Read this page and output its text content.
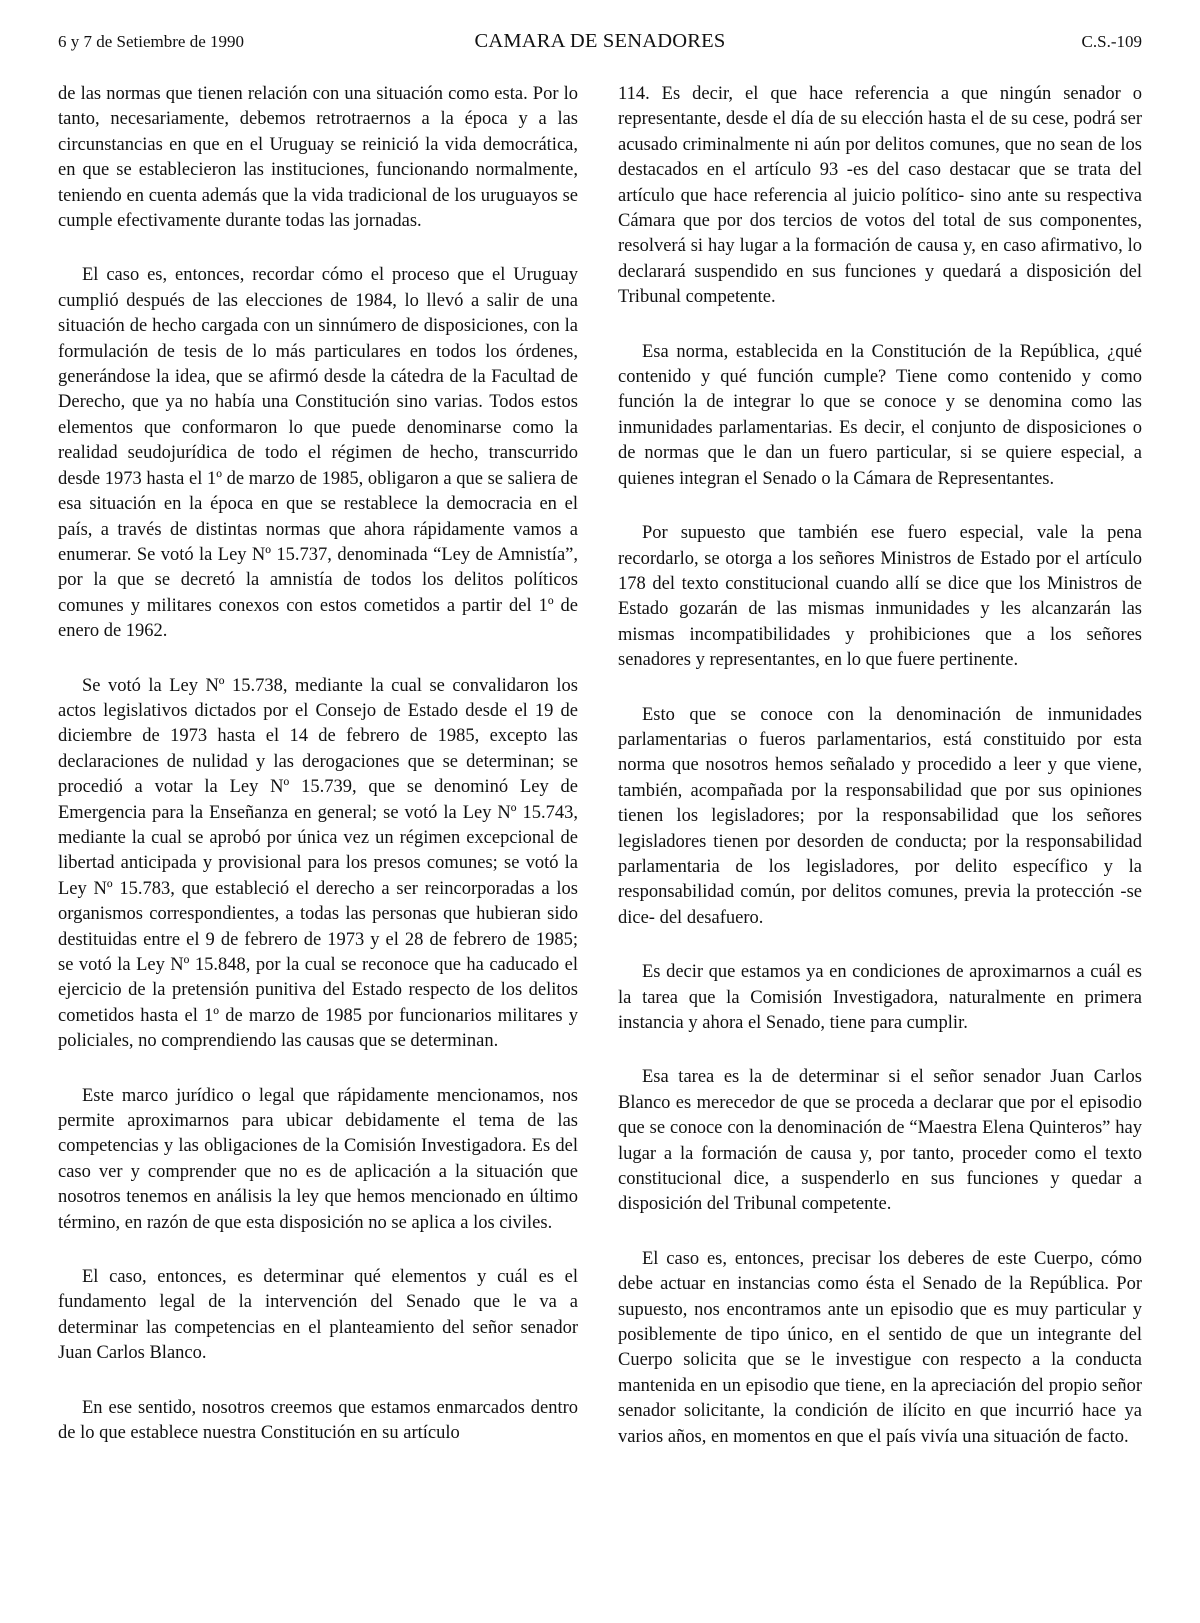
6 y 7 de Setiembre de 1990	CAMARA DE SENADORES	C.S.-109

de las normas que tienen relación con una situación como esta. Por lo tanto, necesariamente, debemos retrotraernos a la época y a las circunstancias en que en el Uruguay se reinició la vida democrática, en que se establecieron las instituciones, funcionando normalmente, teniendo en cuenta además que la vida tradicional de los uruguayos se cumple efectivamente durante todas las jornadas.

El caso es, entonces, recordar cómo el proceso que el Uruguay cumplió después de las elecciones de 1984, lo llevó a salir de una situación de hecho cargada con un sinnúmero de disposiciones, con la formulación de tesis de lo más particulares en todos los órdenes, generándose la idea, que se afirmó desde la cátedra de la Facultad de Derecho, que ya no había una Constitución sino varias. Todos estos elementos que conformaron lo que puede denominarse como la realidad seudojurídica de todo el régimen de hecho, transcurrido desde 1973 hasta el 1º de marzo de 1985, obligaron a que se saliera de esa situación en la época en que se restablece la democracia en el país, a través de distintas normas que ahora rápidamente vamos a enumerar. Se votó la Ley Nº 15.737, denominada “Ley de Amnistía”, por la que se decretó la amnistía de todos los delitos políticos comunes y militares conexos con estos cometidos a partir del 1º de enero de 1962.

Se votó la Ley Nº 15.738, mediante la cual se convalidaron los actos legislativos dictados por el Consejo de Estado desde el 19 de diciembre de 1973 hasta el 14 de febrero de 1985, excepto las declaraciones de nulidad y las derogaciones que se determinan; se procedió a votar la Ley Nº 15.739, que se denominó Ley de Emergencia para la Enseñanza en general; se votó la Ley Nº 15.743, mediante la cual se aprobó por única vez un régimen excepcional de libertad anticipada y provisional para los presos comunes; se votó la Ley Nº 15.783, que estableció el derecho a ser reincorporadas a los organismos correspondientes, a todas las personas que hubieran sido destituidas entre el 9 de febrero de 1973 y el 28 de febrero de 1985; se votó la Ley Nº 15.848, por la cual se reconoce que ha caducado el ejercicio de la pretensión punitiva del Estado respecto de los delitos cometidos hasta el 1º de marzo de 1985 por funcionarios militares y policiales, no comprendiendo las causas que se determinan.

Este marco jurídico o legal que rápidamente mencionamos, nos permite aproximarnos para ubicar debidamente el tema de las competencias y las obligaciones de la Comisión Investigadora. Es del caso ver y comprender que no es de aplicación a la situación que nosotros tenemos en análisis la ley que hemos mencionado en último término, en razón de que esta disposición no se aplica a los civiles.

El caso, entonces, es determinar qué elementos y cuál es el fundamento legal de la intervención del Senado que le va a determinar las competencias en el planteamiento del señor senador Juan Carlos Blanco.

En ese sentido, nosotros creemos que estamos enmarcados dentro de lo que establece nuestra Constitución en su artículo

114. Es decir, el que hace referencia a que ningún senador o representante, desde el día de su elección hasta el de su cese, podrá ser acusado criminalmente ni aún por delitos comunes, que no sean de los destacados en el artículo 93 -es del caso destacar que se trata del artículo que hace referencia al juicio político- sino ante su respectiva Cámara que por dos tercios de votos del total de sus componentes, resolverá si hay lugar a la formación de causa y, en caso afirmativo, lo declarará suspendido en sus funciones y quedará a disposición del Tribunal competente.

Esa norma, establecida en la Constitución de la República, ¿qué contenido y qué función cumple? Tiene como contenido y como función la de integrar lo que se conoce y se denomina como las inmunidades parlamentarias. Es decir, el conjunto de disposiciones o de normas que le dan un fuero particular, si se quiere especial, a quienes integran el Senado o la Cámara de Representantes.

Por supuesto que también ese fuero especial, vale la pena recordarlo, se otorga a los señores Ministros de Estado por el artículo 178 del texto constitucional cuando allí se dice que los Ministros de Estado gozarán de las mismas inmunidades y les alcanzarán las mismas incompatibilidades y prohibiciones que a los señores senadores y representantes, en lo que fuere pertinente.

Esto que se conoce con la denominación de inmunidades parlamentarias o fueros parlamentarios, está constituido por esta norma que nosotros hemos señalado y procedido a leer y que viene, también, acompañada por la responsabilidad que por sus opiniones tienen los legisladores; por la responsabilidad que los señores legisladores tienen por desorden de conducta; por la responsabilidad parlamentaria de los legisladores, por delito específico y la responsabilidad común, por delitos comunes, previa la protección -se dice- del desafuero.

Es decir que estamos ya en condiciones de aproximarnos a cuál es la tarea que la Comisión Investigadora, naturalmente en primera instancia y ahora el Senado, tiene para cumplir.

Esa tarea es la de determinar si el señor senador Juan Carlos Blanco es merecedor de que se proceda a declarar que por el episodio que se conoce con la denominación de “Maestra Elena Quinteros” hay lugar a la formación de causa y, por tanto, proceder como el texto constitucional dice, a suspenderlo en sus funciones y quedar a disposición del Tribunal competente.

El caso es, entonces, precisar los deberes de este Cuerpo, cómo debe actuar en instancias como ésta el Senado de la República. Por supuesto, nos encontramos ante un episodio que es muy particular y posiblemente de tipo único, en el sentido de que un integrante del Cuerpo solicita que se le investigue con respecto a la conducta mantenida en un episodio que tiene, en la apreciación del propio señor senador solicitante, la condición de ilícito en que incurrió hace ya varios años, en momentos en que el país vivía una situación de facto.
